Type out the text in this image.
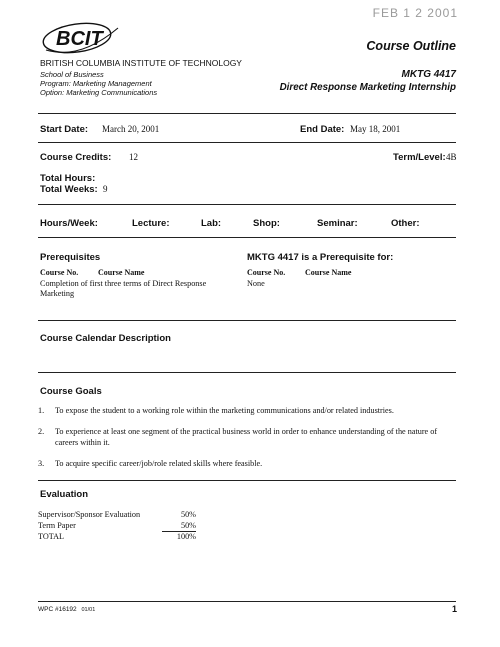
FEB 1 2 2001
BCIT
BRITISH COLUMBIA INSTITUTE OF TECHNOLOGY
School of Business
Program: Marketing Management
Option: Marketing Communications
Course Outline
MKTG 4417
Direct Response Marketing Internship
Start Date: March 20, 2001	End Date: May 18, 2001
Course Credits: 12	Term/Level: 4B
Total Hours:
Total Weeks: 9
Hours/Week:	Lecture:	Lab:	Shop:	Seminar:	Other:
Prerequisites
Course No. Course Name
Completion of first three terms of Direct Response Marketing
MKTG 4417 is a Prerequisite for:
Course No. Course Name
None
Course Calendar Description
Course Goals
1.	To expose the student to a working role within the marketing communications and/or related industries.
2.	To experience at least one segment of the practical business world in order to enhance understanding of the nature of careers within it.
3.	To acquire specific career/job/role related skills where feasible.
Evaluation
Supervisor/Sponsor Evaluation	50%
Term Paper	50%
TOTAL	100%
WPC #16192 01/01	1
